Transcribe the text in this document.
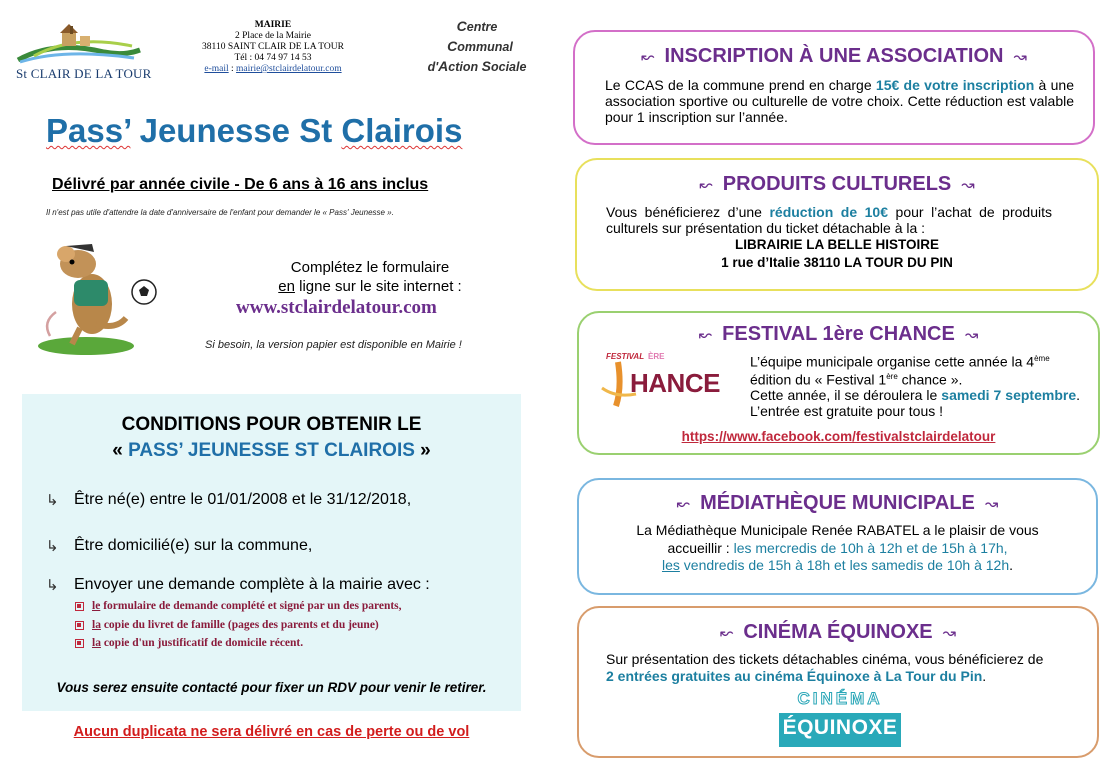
St CLAIR DE LA TOUR
MAIRIE
2 Place de la Mairie
38110 SAINT CLAIR DE LA TOUR
Tél : 04 74 97 14 53
e-mail : mairie@stclairdelatour.com
Centre
Communal
d'Action Sociale
Pass’ Jeunesse St Clairois
Délivré par année civile - De 6 ans à 16 ans inclus
Il n'est pas utile d'attendre la date d'anniversaire de l'enfant pour demander le « Pass' Jeunesse ».
Complétez le formulaire
en ligne sur le site internet :
www.stclairdelatour.com
Si besoin, la version papier est disponible en Mairie !
CONDITIONS POUR OBTENIR LE
« PASS’ JEUNESSE ST CLAIROIS »
↳ Être né(e) entre le 01/01/2008 et le 31/12/2018,
↳ Être domicilié(e) sur la commune,
↳ Envoyer une demande complète à la mairie avec :
le formulaire de demande complété et signé par un des parents,
la copie du livret de famille (pages des parents et du jeune)
la copie d'un justificatif de domicile récent.
Vous serez ensuite contacté pour fixer un RDV pour venir le retirer.
Aucun duplicata ne sera délivré en cas de perte ou de vol
↜ INSCRIPTION À UNE ASSOCIATION ↝
Le CCAS de la commune prend en charge 15€ de votre inscription à une association sportive ou culturelle de votre choix. Cette réduction est valable pour 1 inscription sur l’année.
↜ PRODUITS CULTURELS ↝
Vous bénéficierez d’une réduction de 10€ pour l’achat de produits culturels sur présentation du ticket détachable à la :
LIBRAIRIE LA BELLE HISTOIRE
1 rue d’Italie 38110 LA TOUR DU PIN
↜ FESTIVAL 1ère CHANCE ↝
FESTIVAL ÈRE
HANCE
L’équipe municipale organise cette année la 4ème
édition du « Festival 1ère chance ».
Cette année, il se déroulera le samedi 7 septembre. L’entrée est gratuite pour tous !
https://www.facebook.com/festivalstclairdelatour
↜ MÉDIATHÈQUE MUNICIPALE ↝
La Médiathèque Municipale Renée RABATEL a le plaisir de vous
accueillir : les mercredis de 10h à 12h et de 15h à 17h,
les vendredis de 15h à 18h et les samedis de 10h à 12h.
↜ CINÉMA ÉQUINOXE ↝
Sur présentation des tickets détachables cinéma, vous bénéficierez de
2 entrées gratuites au cinéma Équinoxe à La Tour du Pin.
CINÉMA
ÉQUINOXE
